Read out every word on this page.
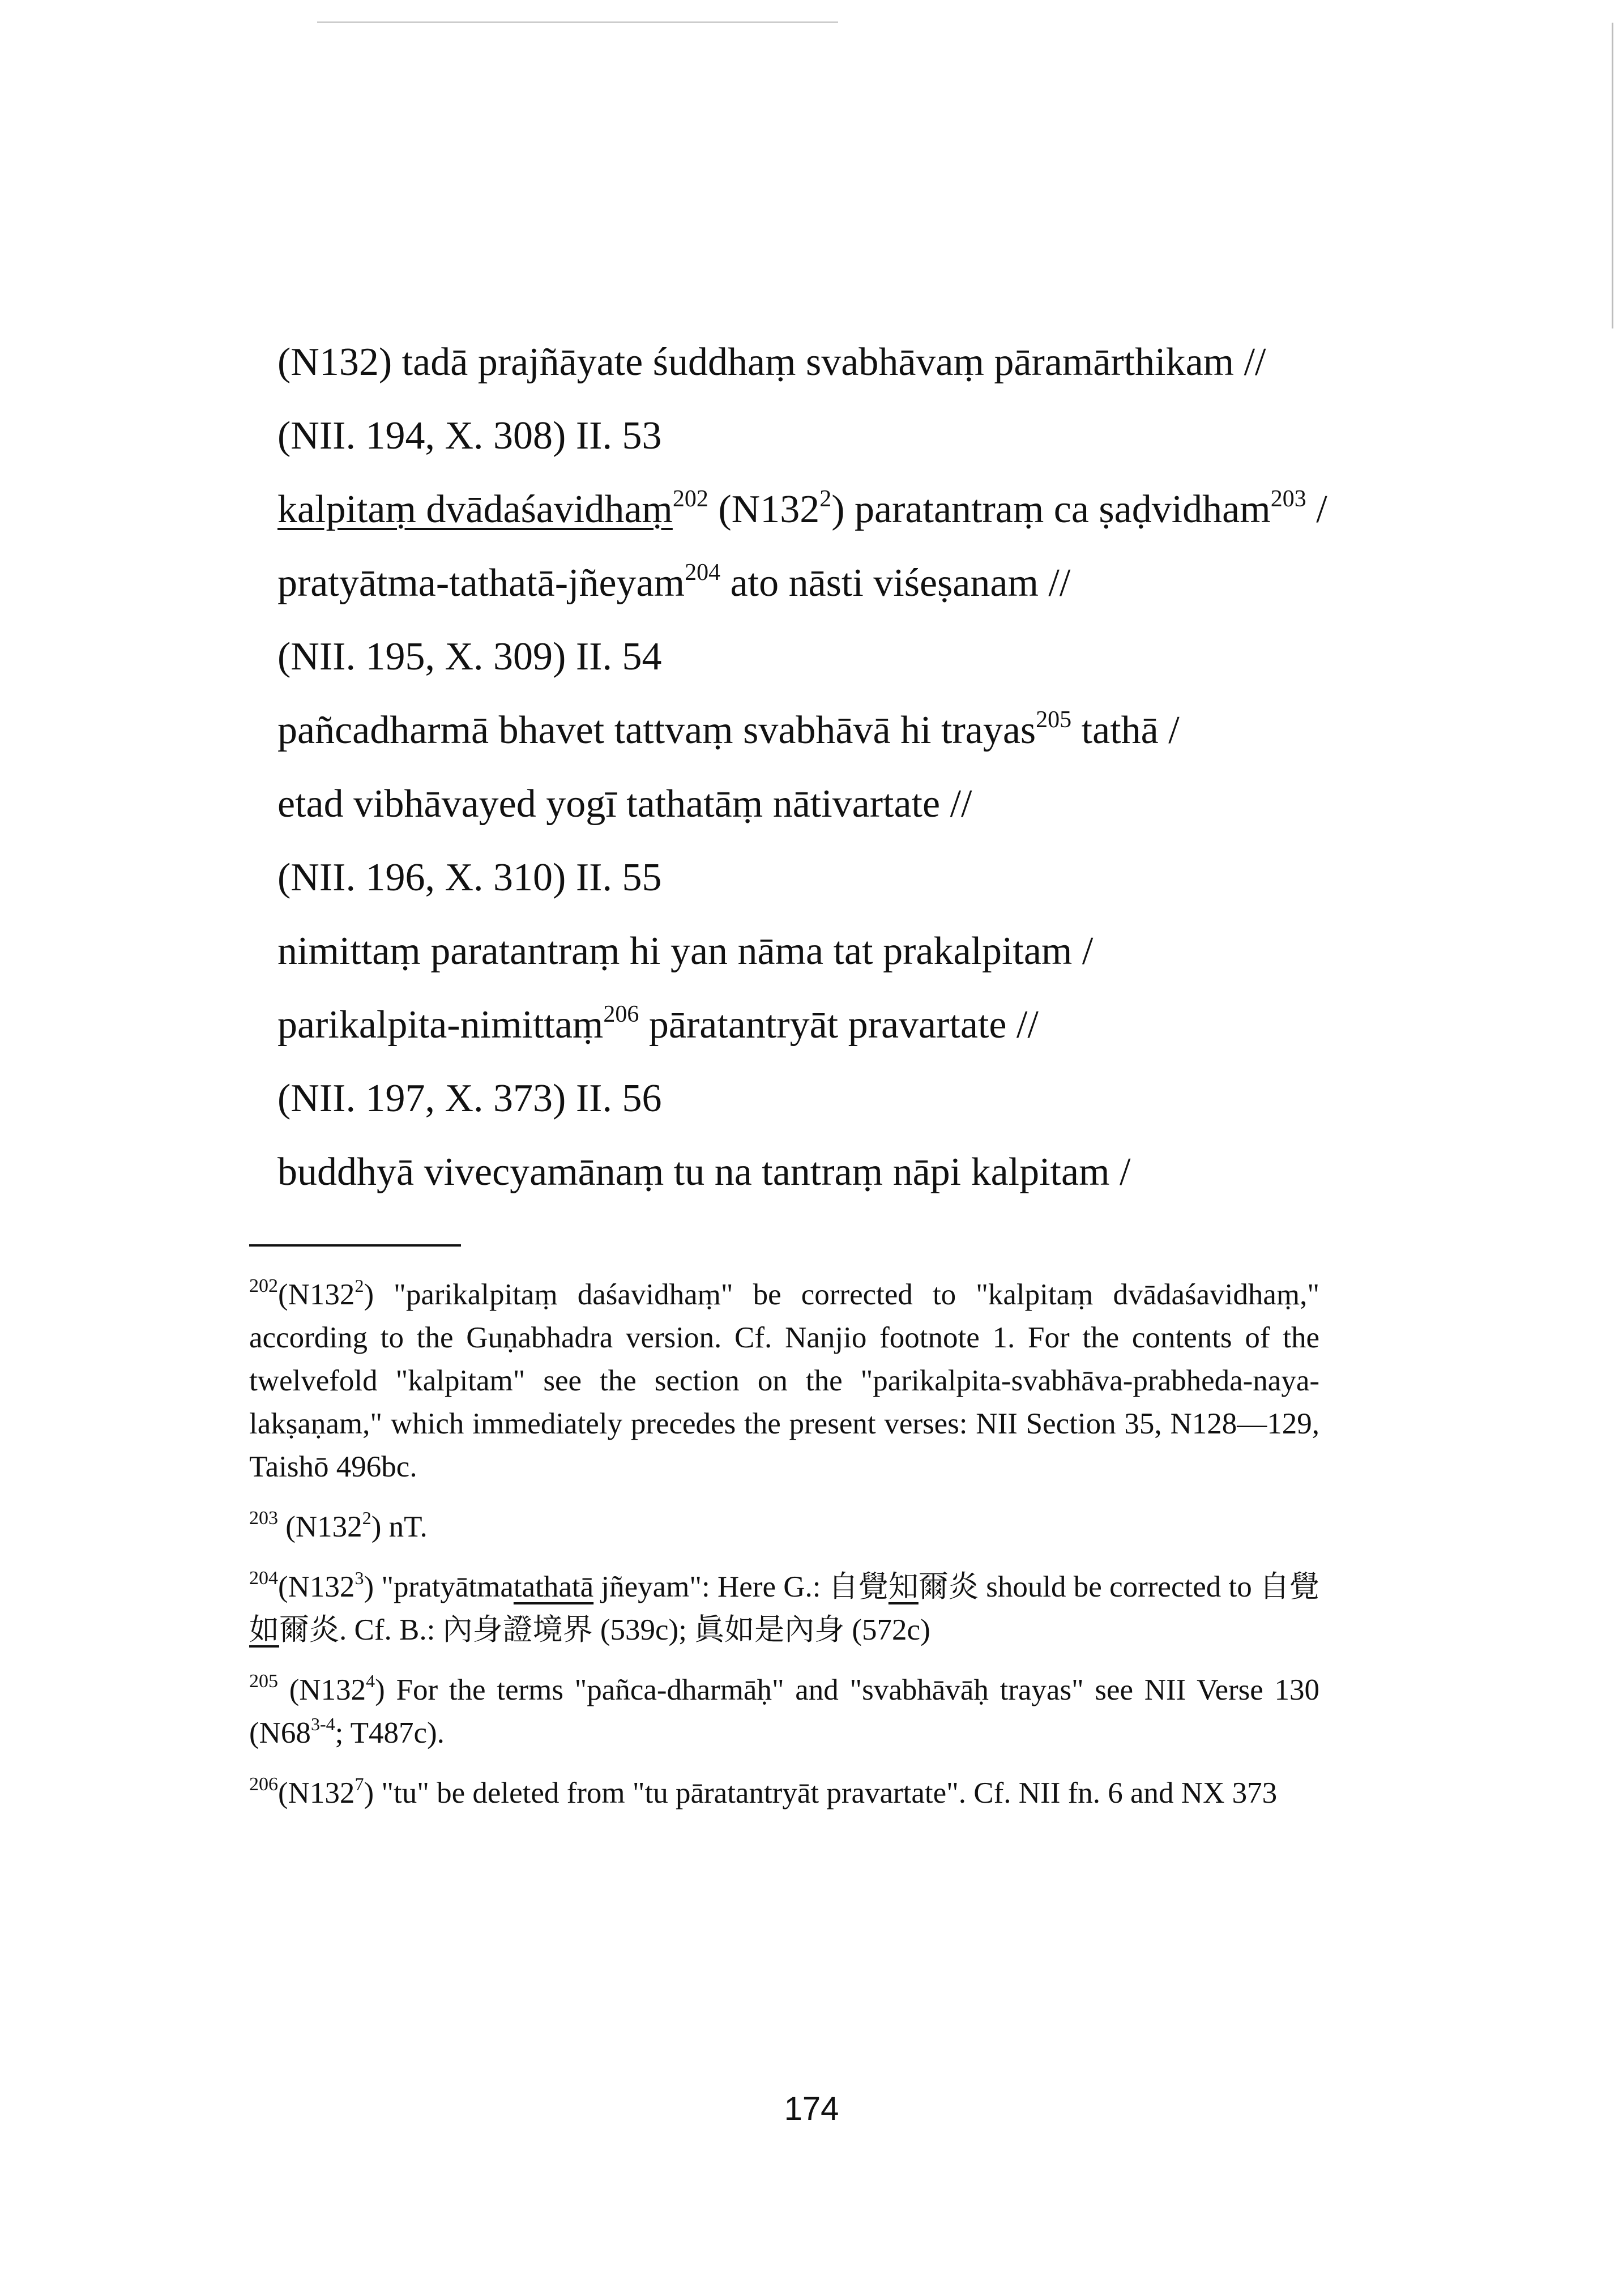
(N132) tadā prajñāyate śuddhaṃ svabhāvaṃ pāramārthikam //
(NII. 194, X. 308) II. 53
kalpitaṃ dvādaśavidhaṃ$^{202}$ $(N132^2)$ paratantraṃ ca ṣaḍvidham$^{203}$ /
pratyātma-tathatā-jñeyam$^{204}$ ato nāsti viśeṣanam //
(NII. 195, X. 309) II. 54
pañcadharmā bhavet tattvaṃ svabhāvā hi trayas$^{205}$ tathā /
etad vibhāvayed yogī tathatāṃ nātivartate //
(NII. 196, X. 310) II. 55
nimittaṃ paratantraṃ hi yan nāma tat prakalpitam /
parikalpita-nimittaṃ$^{206}$ pāratantryāt pravartate //
(NII. 197, X. 373) II. 56
buddhyā vivecyamānaṃ tu na tantraṃ nāpi kalpitam /
$^{202}(N132^2)$ "parikalpitaṃ daśavidhaṃ" be corrected to "kalpitaṃ dvādaśavidhaṃ," according to the Guṇabhadra version. Cf. Nanjio footnote 1. For the contents of the twelvefold "kalpitam" see the section on the "parikalpita-svabhāva-prabheda-naya-lakṣaṇam," which immediately precedes the present verses: NII Section 35, N128—129, Taishō 496bc.
$^{203}$ $(N132^2)$ nT.
$^{204}(N132^3)$ "pratyātmatathatā jñeyam": Here G.: 自覺知爾炎 should be corrected to 自覺如爾炎. Cf. B.: 內身證境界 (539c); 眞如是內身 (572c)
$^{205}$ $(N132^4)$ For the terms "pañca-dharmāḥ" and "svabhāvāḥ trayas" see NII Verse 130 (N68$^{3-4}$; T487c).
$^{206}(N132^7)$ "tu" be deleted from "tu pāratantryāt pravartate". Cf. NII fn. 6 and NX 373
174
